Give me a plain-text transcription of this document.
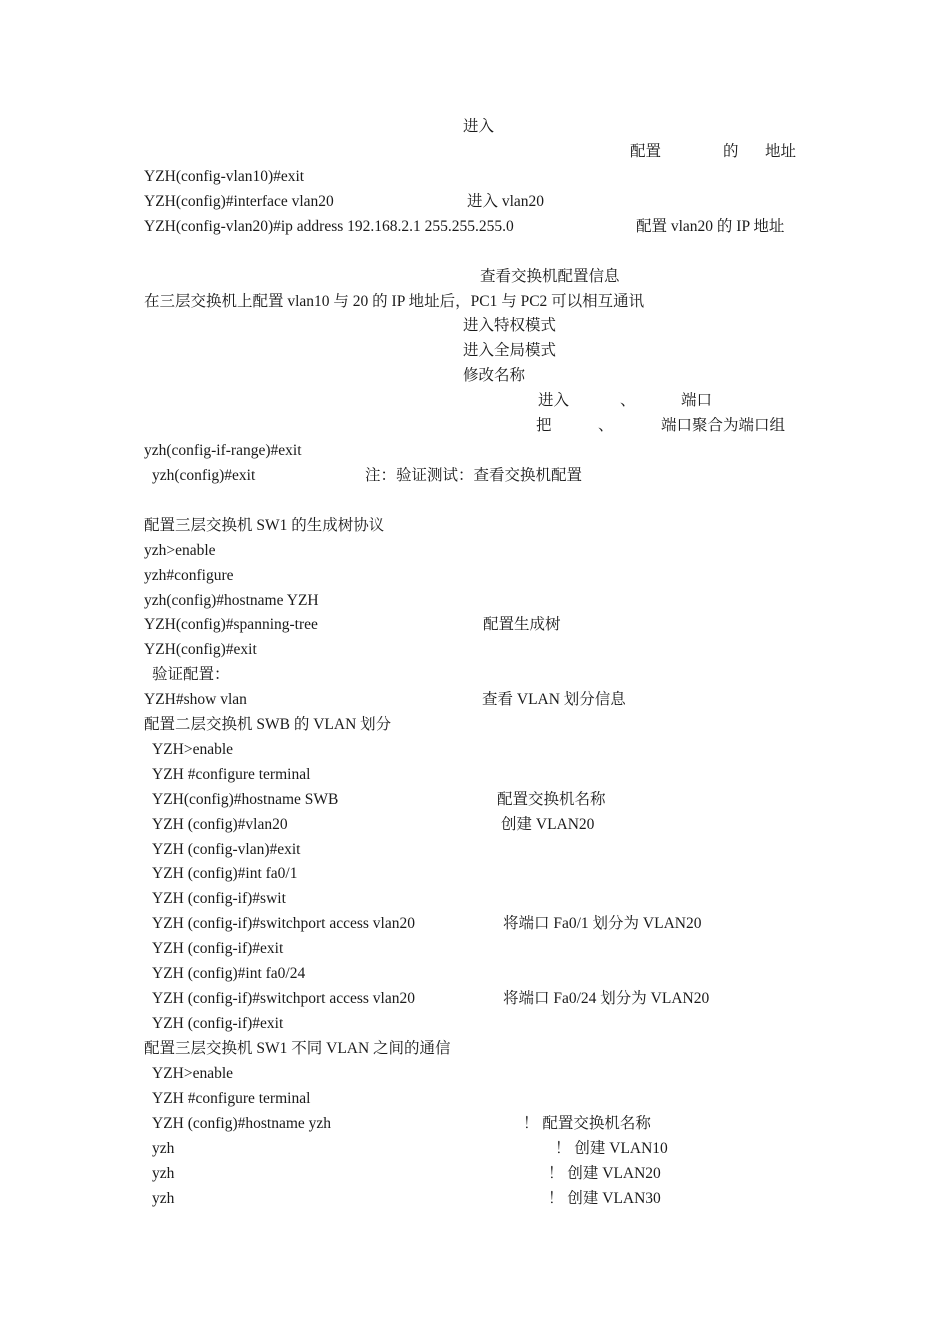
进入
配置	的 地址
YZH(config-vlan10)#exit
YZH(config)#interface vlan20	进入 vlan20
YZH(config-vlan20)#ip address 192.168.2.1 255.255.255.0	配置 vlan20 的 IP 地址
查看交换机配置信息
在三层交换机上配置 vlan10 与 20 的 IP 地址后，PC1 与 PC2 可以相互通讯
进入特权模式
进入全局模式
修改名称
进入	、	端口
把	、	端口聚合为端口组
yzh(config-if-range)#exit
yzh(config)#exit	注：验证测试：查看交换机配置
配置三层交换机 SW1 的生成树协议
yzh>enable
yzh#configure
yzh(config)#hostname YZH
YZH(config)#spanning-tree	配置生成树
YZH(config)#exit
验证配置：
YZH#show vlan	查看 VLAN 划分信息
配置二层交换机 SWB 的 VLAN 划分
YZH>enable
YZH #configure terminal
YZH(config)#hostname SWB	配置交换机名称
YZH (config)#vlan20	创建 VLAN20
YZH (config-vlan)#exit
YZH (config)#int fa0/1
YZH (config-if)#swit
YZH (config-if)#switchport access vlan20	将端口 Fa0/1 划分为 VLAN20
YZH (config-if)#exit
YZH (config)#int fa0/24
YZH (config-if)#switchport access vlan20	将端口 Fa0/24 划分为 VLAN20
YZH (config-if)#exit
配置三层交换机 SW1 不同 VLAN 之间的通信
YZH>enable
YZH #configure terminal
YZH (config)#hostname yzh	！ 配置交换机名称
yzh	！ 创建 VLAN10
yzh	！ 创建 VLAN20
yzh	！ 创建 VLAN30
